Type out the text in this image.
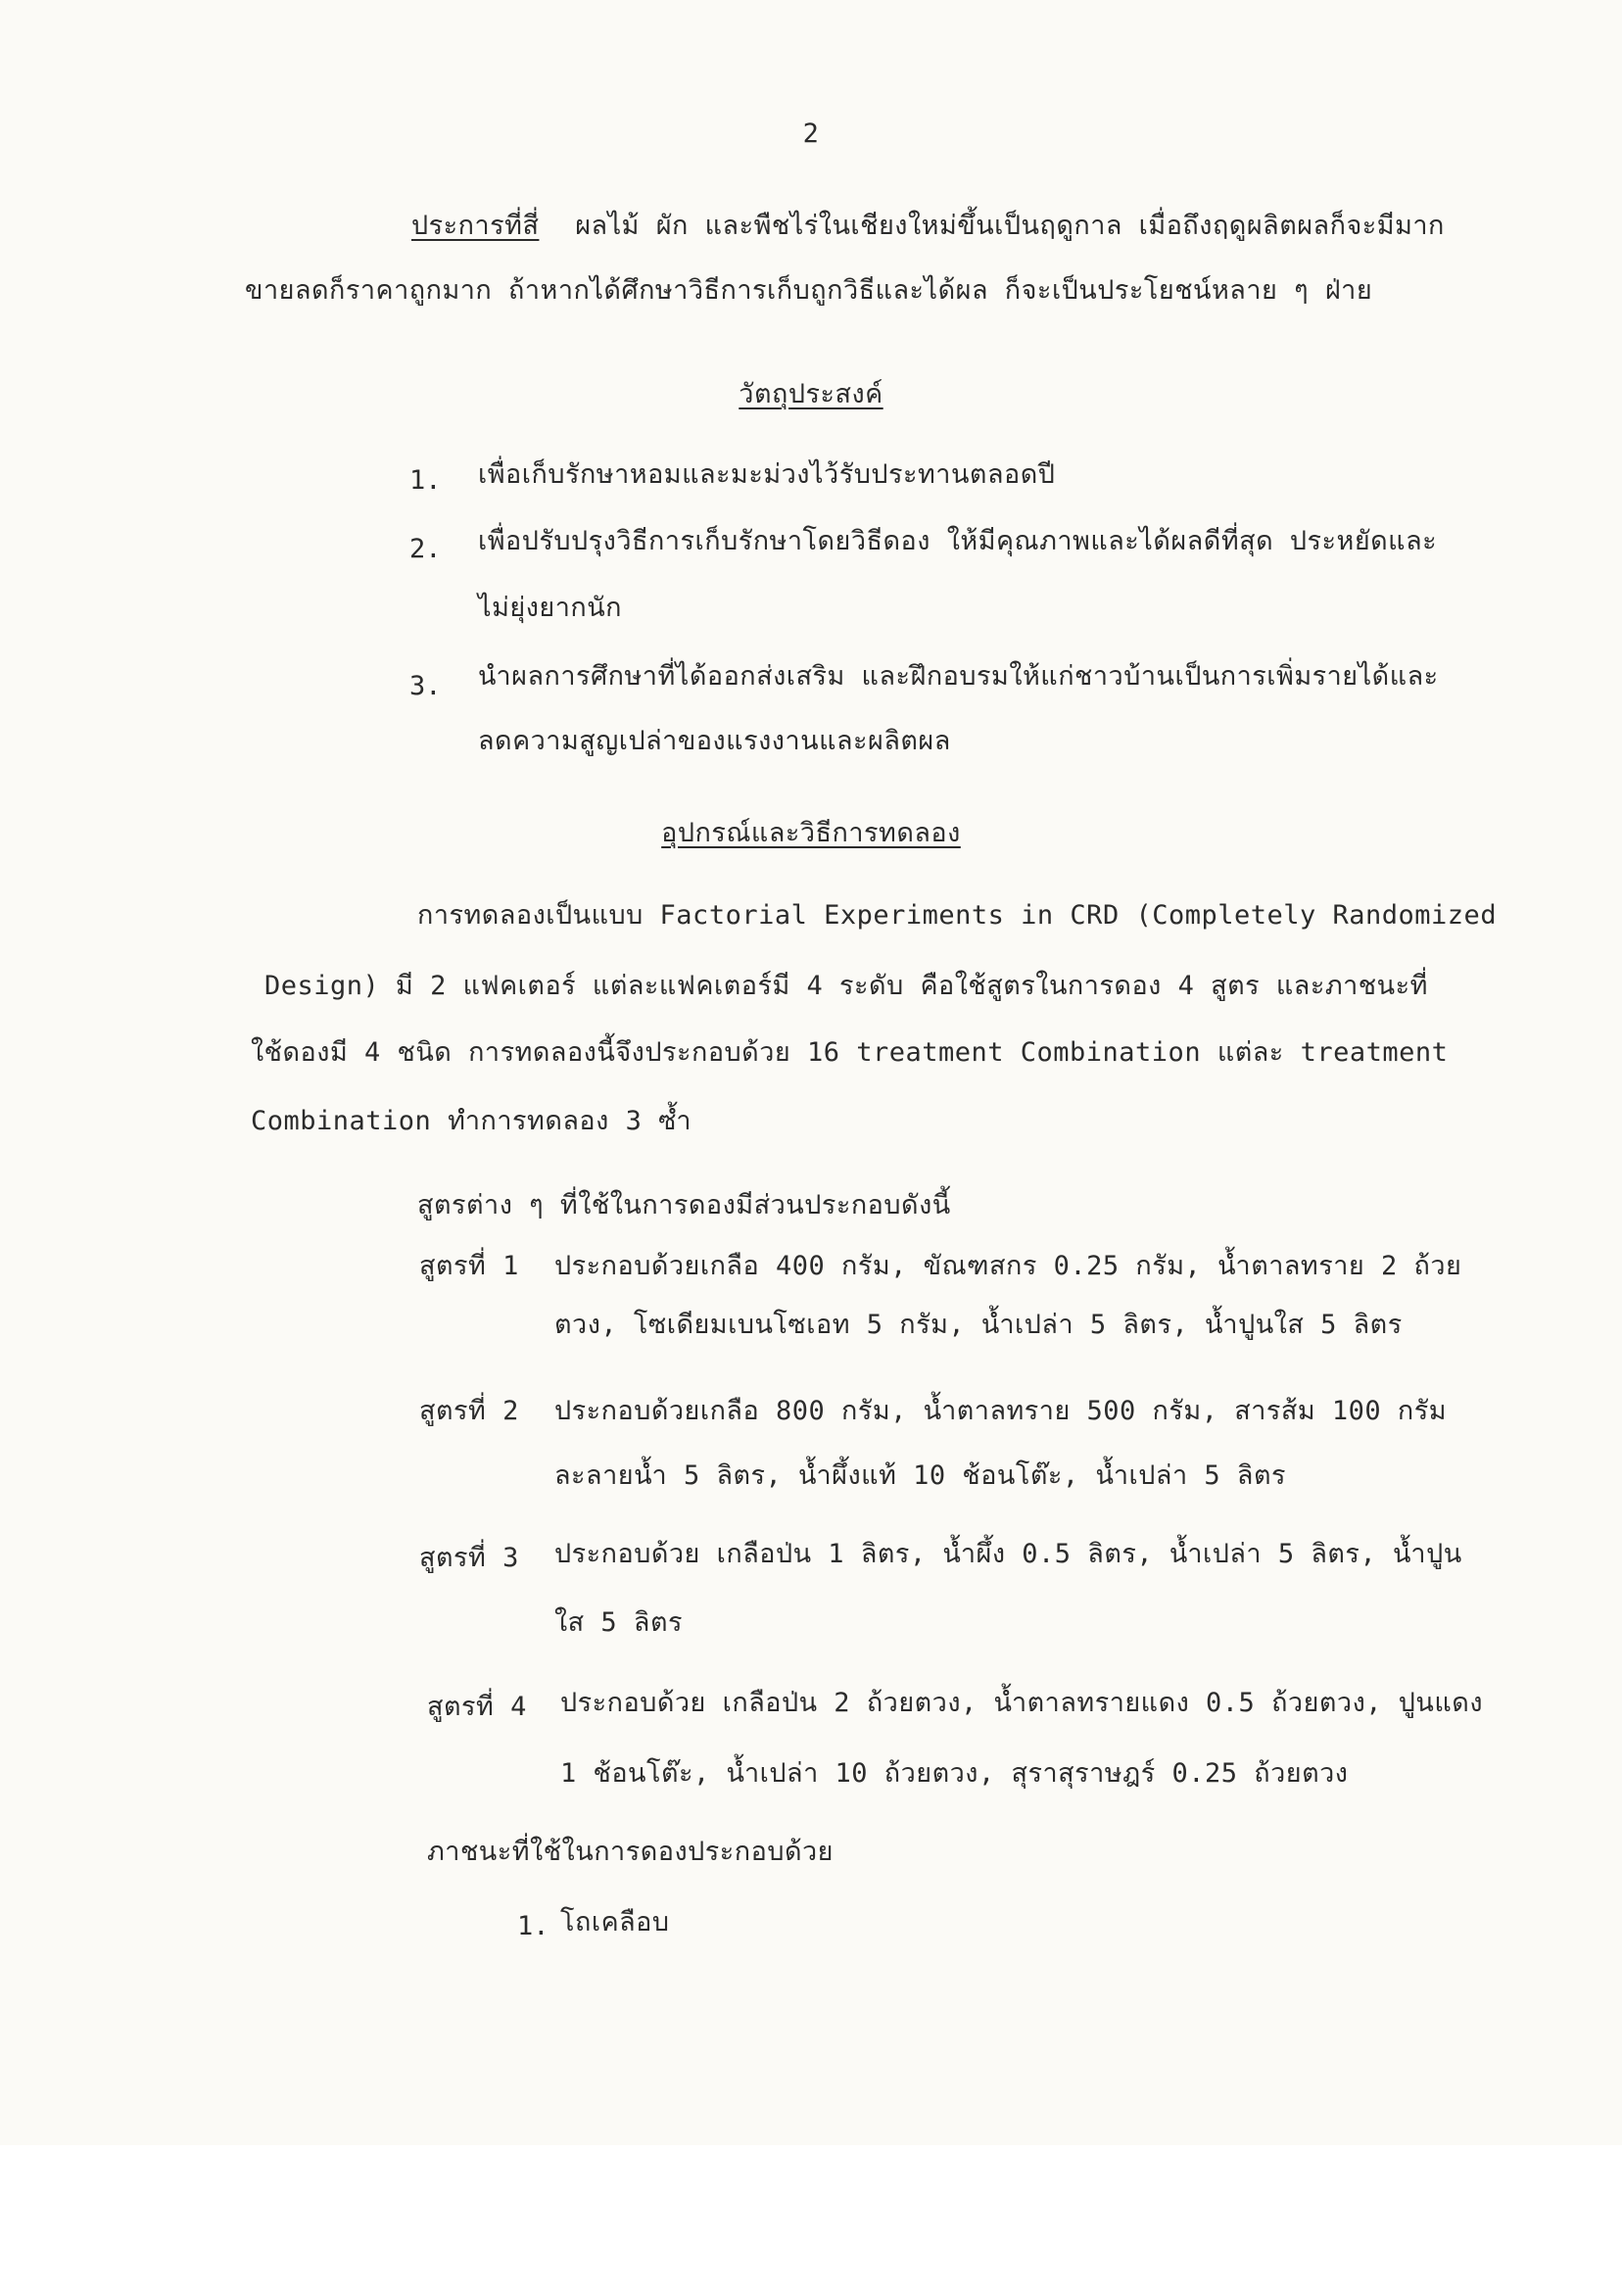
2
ประการที่สี่ ผลไม้ ผัก และพืชไร่ในเชียงใหม่ขึ้นเป็นฤดูกาล เมื่อถึงฤดูผลิตผลก็จะมีมาก
ขายลดก็ราคาถูกมาก ถ้าหากได้ศึกษาวิธีการเก็บถูกวิธีและได้ผล ก็จะเป็นประโยชน์หลาย ๆ ฝ่าย
วัตถุประสงค์
1. เพื่อเก็บรักษาหอมและมะม่วงไว้รับประทานตลอดปี
2. เพื่อปรับปรุงวิธีการเก็บรักษาโดยวิธีดอง ให้มีคุณภาพและได้ผลดีที่สุด ประหยัดและ
ไม่ยุ่งยากนัก
3. นำผลการศึกษาที่ได้ออกส่งเสริม และฝึกอบรมให้แก่ชาวบ้านเป็นการเพิ่มรายได้และ
ลดความสูญเปล่าของแรงงานและผลิตผล
อุปกรณ์และวิธีการทดลอง
การทดลองเป็นแบบ Factorial Experiments in CRD (Completely Randomized
Design) มี 2 แฟคเตอร์ แต่ละแฟคเตอร์มี 4 ระดับ คือใช้สูตรในการดอง 4 สูตร และภาชนะที่
ใช้ดองมี 4 ชนิด การทดลองนี้จึงประกอบด้วย 16 treatment Combination แต่ละ treatment
Combination ทำการทดลอง 3 ซ้ำ
สูตรต่าง ๆ ที่ใช้ในการดองมีส่วนประกอบดังนี้
สูตรที่ 1 ประกอบด้วยเกลือ 400 กรัม, ขัณฑสกร 0.25 กรัม, น้ำตาลทราย 2 ถ้วย
ตวง, โซเดียมเบนโซเอท 5 กรัม, น้ำเปล่า 5 ลิตร, น้ำปูนใส 5 ลิตร
สูตรที่ 2 ประกอบด้วยเกลือ 800 กรัม, น้ำตาลทราย 500 กรัม, สารส้ม 100 กรัม
ละลายน้ำ 5 ลิตร, น้ำผึ้งแท้ 10 ช้อนโต๊ะ, น้ำเปล่า 5 ลิตร
สูตรที่ 3 ประกอบด้วย เกลือป่น 1 ลิตร, น้ำผึ้ง 0.5 ลิตร, น้ำเปล่า 5 ลิตร, น้ำปูน
ใส 5 ลิตร
สูตรที่ 4 ประกอบด้วย เกลือป่น 2 ถ้วยตวง, น้ำตาลทรายแดง 0.5 ถ้วยตวง, ปูนแดง
1 ช้อนโต๊ะ, น้ำเปล่า 10 ถ้วยตวง, สุราสุราษฎร์ 0.25 ถ้วยตวง
ภาชนะที่ใช้ในการดองประกอบด้วย
1. โถเคลือบ
